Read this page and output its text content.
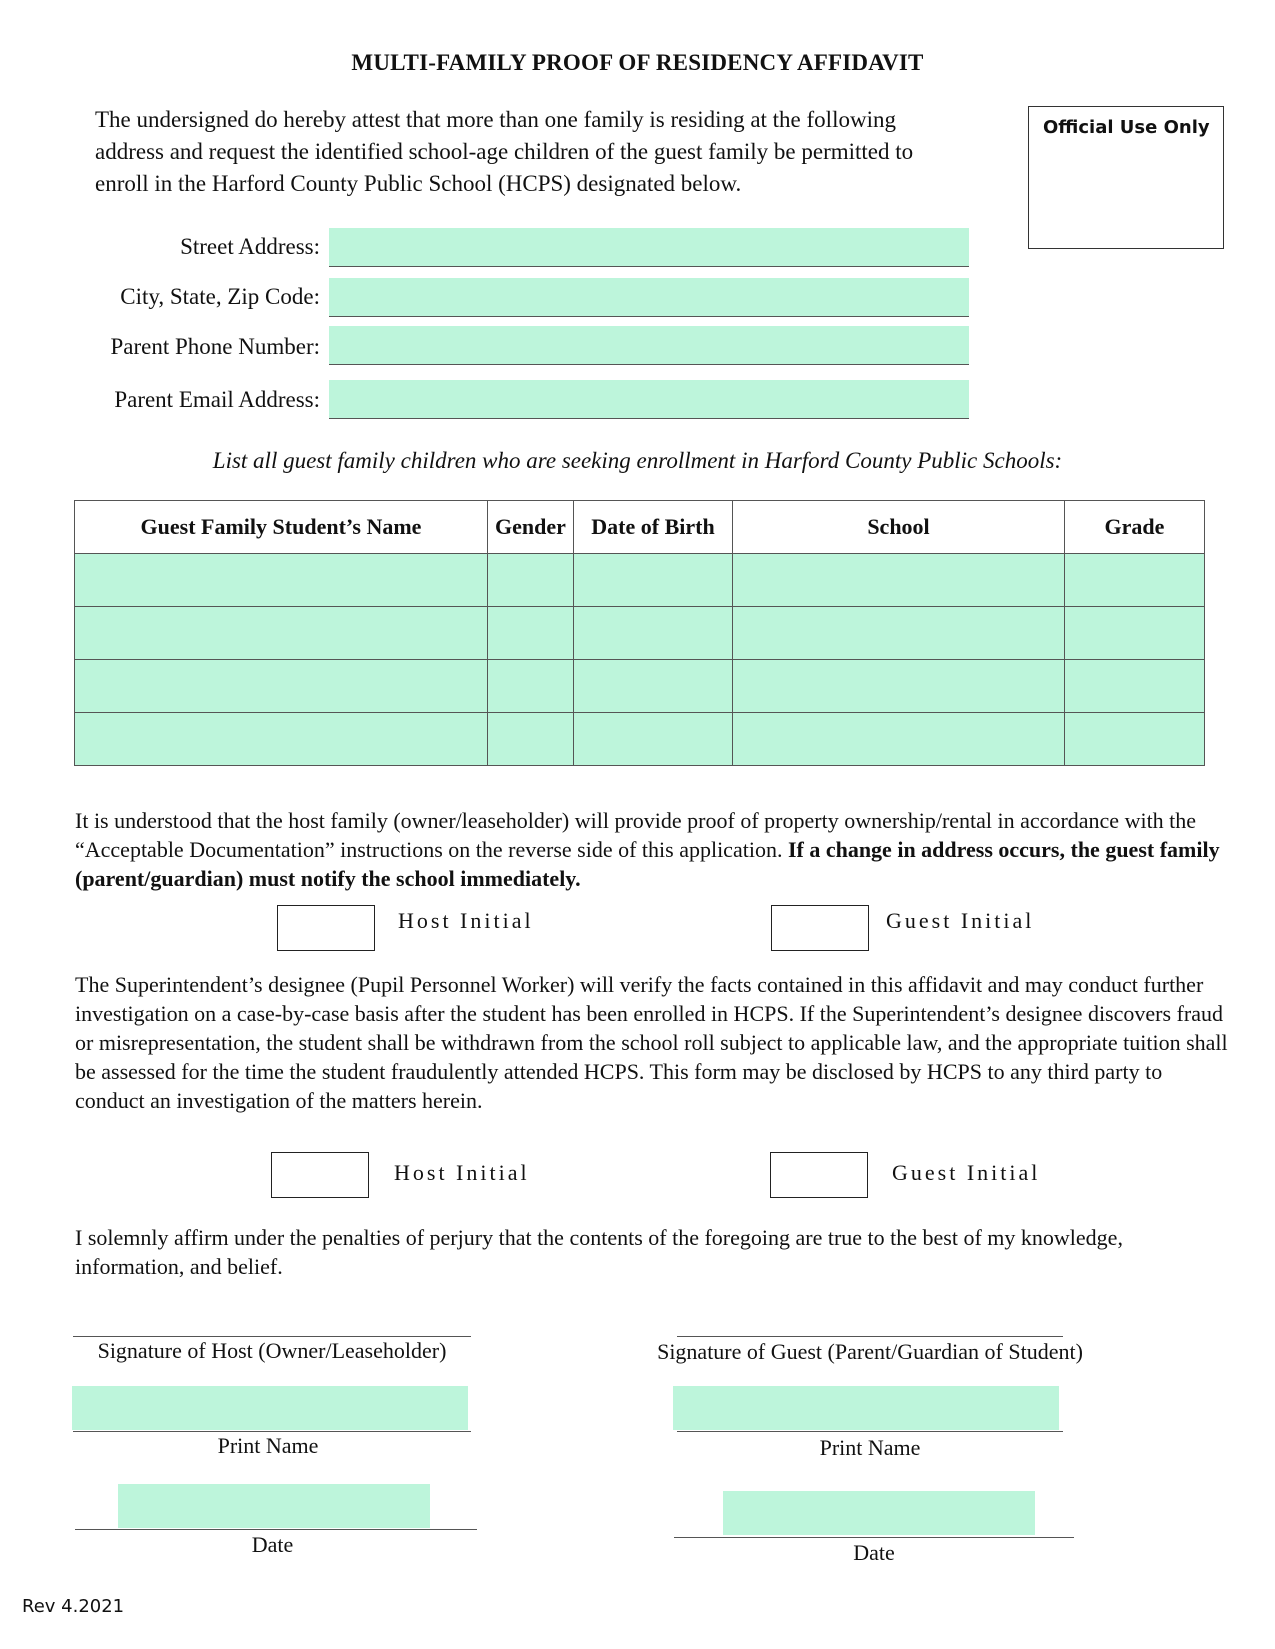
MULTI-FAMILY PROOF OF RESIDENCY AFFIDAVIT
The undersigned do hereby attest that more than one family is residing at the following
address and request the identified school-age children of the guest family be permitted to
enroll in the Harford County Public School (HCPS) designated below.
Official Use Only
Street Address:
City, State, Zip Code:
Parent Phone Number:
Parent Email Address:
List all guest family children who are seeking enrollment in Harford County Public Schools:
Guest Family Student’s Name	Gender	Date of Birth	School	Grade

It is understood that the host family (owner/leaseholder) will provide proof of property ownership/rental in accordance with the “Acceptable Documentation” instructions on the reverse side of this application. If a change in address occurs, the guest family (parent/guardian) must notify the school immediately.
Host Initial	Guest Initial
The Superintendent’s designee (Pupil Personnel Worker) will verify the facts contained in this affidavit and may conduct further investigation on a case-by-case basis after the student has been enrolled in HCPS. If the Superintendent’s designee discovers fraud or misrepresentation, the student shall be withdrawn from the school roll subject to applicable law, and the appropriate tuition shall be assessed for the time the student fraudulently attended HCPS. This form may be disclosed by HCPS to any third party to conduct an investigation of the matters herein.
Host Initial	Guest Initial
I solemnly affirm under the penalties of perjury that the contents of the foregoing are true to the best of my knowledge, information, and belief.
Signature of Host (Owner/Leaseholder)	Signature of Guest (Parent/Guardian of Student)
Print Name	Print Name
Date	Date
Rev 4.2021
